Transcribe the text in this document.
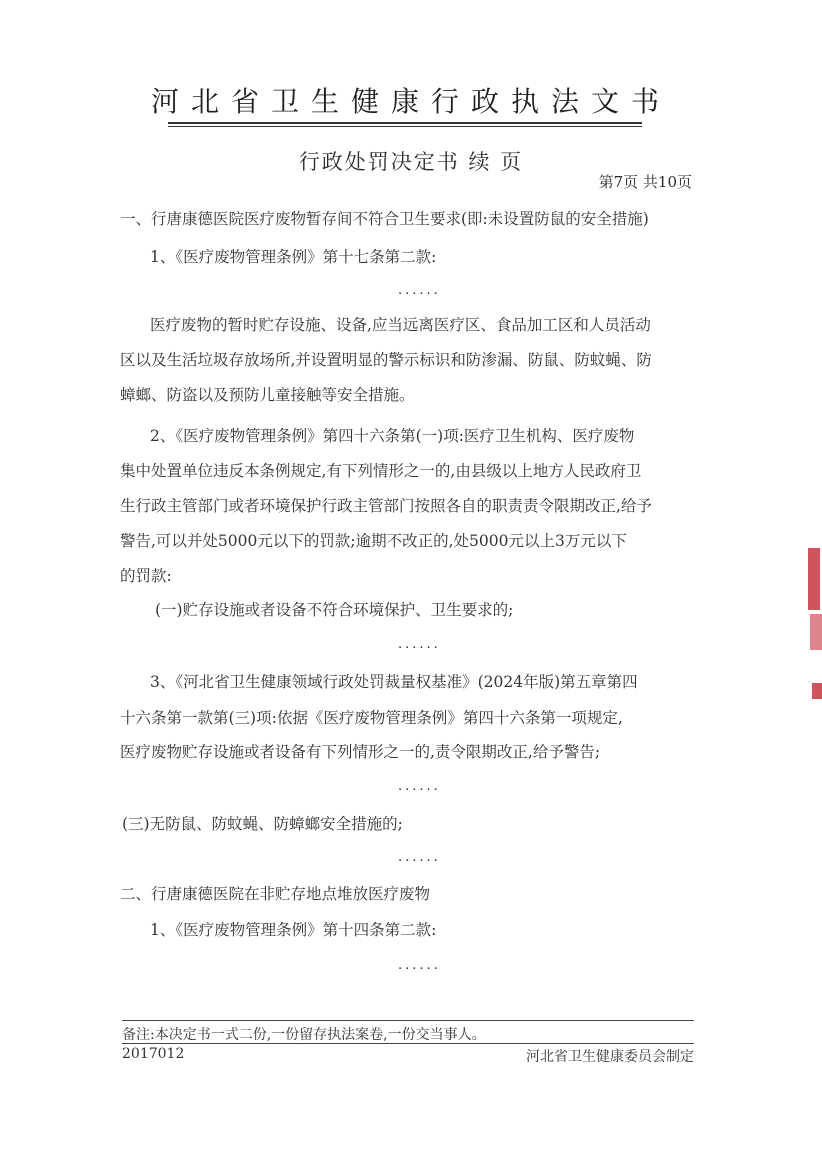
河北省卫生健康行政执法文书
行政处罚决定书 续 页
第7页 共10页
一、行唐康德医院医疗废物暂存间不符合卫生要求(即:未设置防鼠的安全措施)
1、《医疗废物管理条例》第十七条第二款:
......
医疗废物的暂时贮存设施、设备,应当远离医疗区、食品加工区和人员活动
区以及生活垃圾存放场所,并设置明显的警示标识和防渗漏、防鼠、防蚊蝇、防
蟑螂、防盗以及预防儿童接触等安全措施。
2、《医疗废物管理条例》第四十六条第(一)项:医疗卫生机构、医疗废物
集中处置单位违反本条例规定,有下列情形之一的,由县级以上地方人民政府卫
生行政主管部门或者环境保护行政主管部门按照各自的职责责令限期改正,给予
警告,可以并处5000元以下的罚款;逾期不改正的,处5000元以上3万元以下
的罚款:
(一)贮存设施或者设备不符合环境保护、卫生要求的;
......
3、《河北省卫生健康领域行政处罚裁量权基准》(2024年版)第五章第四
十六条第一款第(三)项:依据《医疗废物管理条例》第四十六条第一项规定,
医疗废物贮存设施或者设备有下列情形之一的,责令限期改正,给予警告;
......
(三)无防鼠、防蚊蝇、防蟑螂安全措施的;
......
二、行唐康德医院在非贮存地点堆放医疗废物
1、《医疗废物管理条例》第十四条第二款:
......
备注:本决定书一式二份,一份留存执法案卷,一份交当事人。
2017012	河北省卫生健康委员会制定
